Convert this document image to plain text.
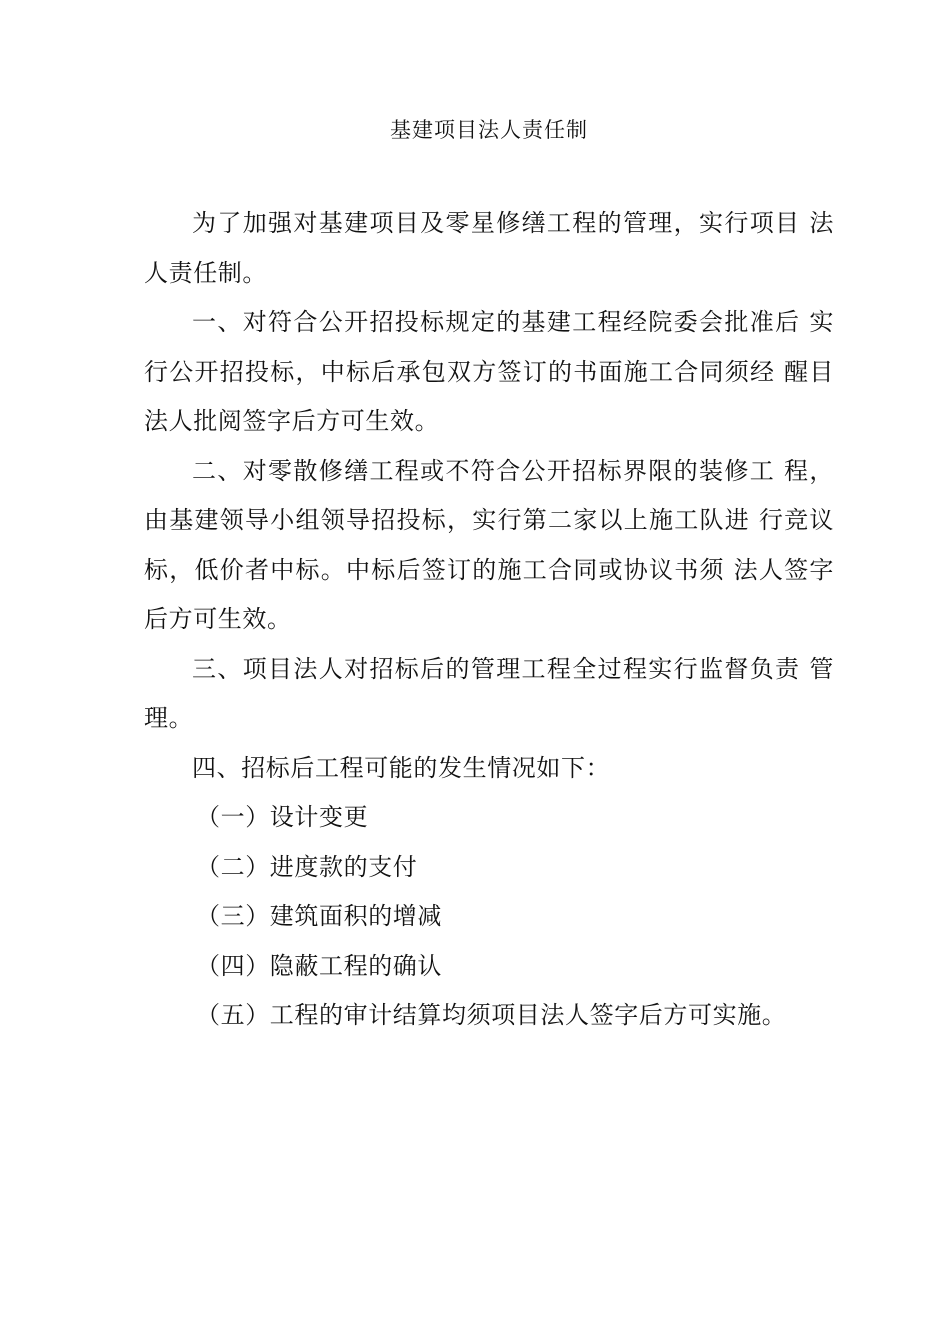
基建项目法人责任制

为了加强对基建项目及零星修缮工程的管理，实行项目 法人责任制。

一、对符合公开招投标规定的基建工程经院委会批准后 实行公开招投标，中标后承包双方签订的书面施工合同须经 醒目法人批阅签字后方可生效。

二、对零散修缮工程或不符合公开招标界限的装修工 程，由基建领导小组领导招投标，实行第二家以上施工队进 行竞议标，低价者中标。中标后签订的施工合同或协议书须 法人签字后方可生效。

三、项目法人对招标后的管理工程全过程实行监督负责 管理。

四、招标后工程可能的发生情况如下：

（一）设计变更

（二）进度款的支付

（三）建筑面积的增减

（四）隐蔽工程的确认

（五）工程的审计结算均须项目法人签字后方可实施。
